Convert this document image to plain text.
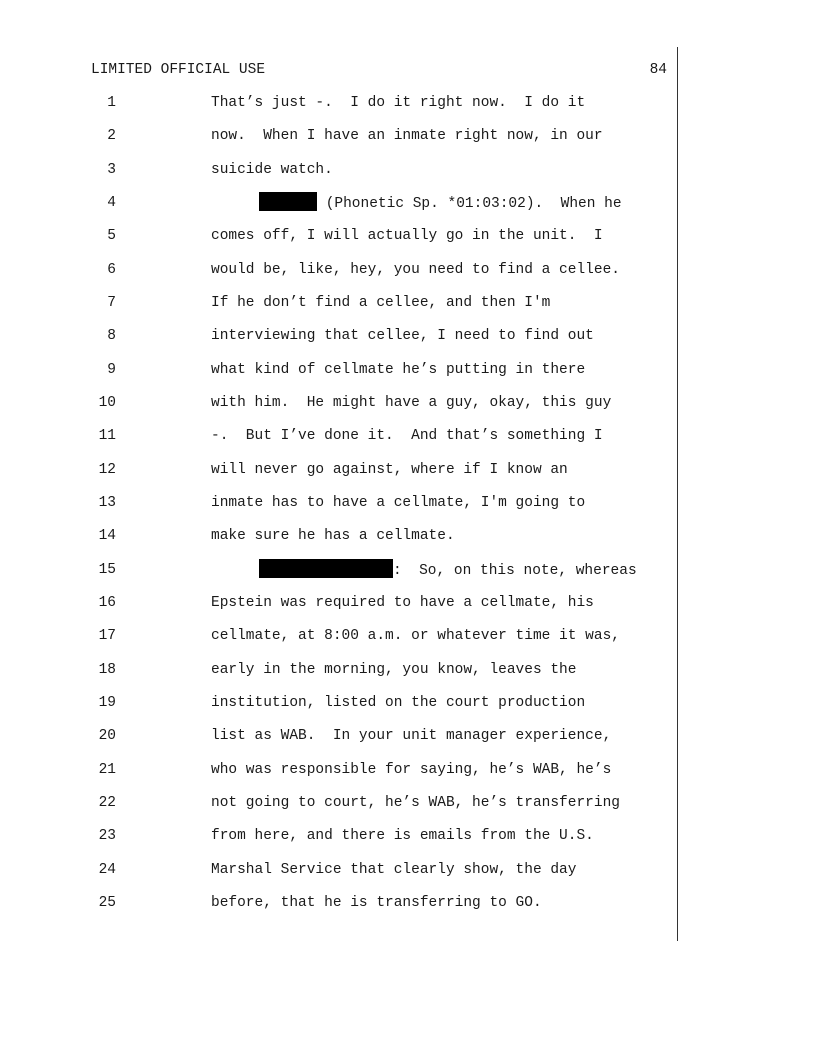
LIMITED OFFICIAL USE	84
1	That’s just -.  I do it right now.  I do it
2	now.  When I have an inmate right now, in our
3	suicide watch.
4	(Phonetic Sp. *01:03:02).  When he
5	comes off, I will actually go in the unit.  I
6	would be, like, hey, you need to find a cellee.
7	If he don’t find a cellee, and then I'm
8	interviewing that cellee, I need to find out
9	what kind of cellmate he’s putting in there
10	with him.  He might have a guy, okay, this guy
11	-.  But I’ve done it.  And that’s something I
12	will never go against, where if I know an
13	inmate has to have a cellmate, I'm going to
14	make sure he has a cellmate.
15	:  So, on this note, whereas
16	Epstein was required to have a cellmate, his
17	cellmate, at 8:00 a.m. or whatever time it was,
18	early in the morning, you know, leaves the
19	institution, listed on the court production
20	list as WAB.  In your unit manager experience,
21	who was responsible for saying, he’s WAB, he’s
22	not going to court, he’s WAB, he’s transferring
23	from here, and there is emails from the U.S.
24	Marshal Service that clearly show, the day
25	before, that he is transferring to GO.
